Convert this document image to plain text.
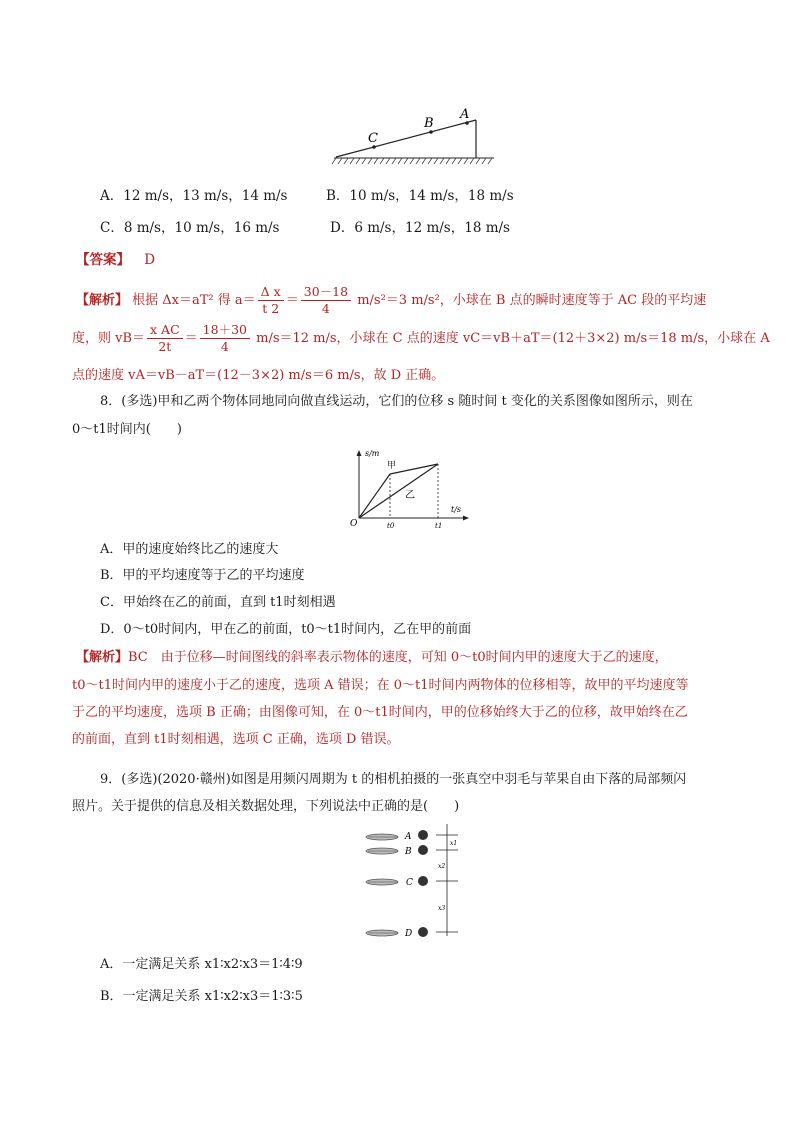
C
B
A
A．12 m/s，13 m/s，14 m/s	B．10 m/s，14 m/s，18 m/s
C．8 m/s，10 m/s，16 m/s	D．6 m/s，12 m/s，18 m/s
【答案】 D
【解析】 根据 Δx＝aT² 得 $a= \frac{\text{Δ x}}{t 2} = \frac{30-18}{4} m/s^2=3$ m/s²，小球在 B 点的瞬时速度等于 AC 段的平均速
度，则 $vB= \frac{\text{x AC}}{2t} = \frac{18+30}{4} m/s=12$ m/s，小球在 C 点的速度 vC＝vB＋aT＝(12＋3×2) m/s＝18 m/s，小球在 A
点的速度 vA＝vB－aT＝(12－3×2) m/s＝6 m/s，故 D 正确。
8．(多选)甲和乙两个物体同地同向做直线运动，它们的位移 s 随时间 t 变化的关系图像如图所示，则在
0～t1时间内(　　)
s/m
t/s
O
甲
乙
t0	t1
A．甲的速度始终比乙的速度大
B．甲的平均速度等于乙的平均速度
C．甲始终在乙的前面，直到 t1时刻相遇
D．0～t0时间内，甲在乙的前面，t0～t1时间内，乙在甲的前面
【解析】BC　由于位移—时间图线的斜率表示物体的速度，可知 0～t0时间内甲的速度大于乙的速度，
t0～t1时间内甲的速度小于乙的速度，选项 A 错误；在 0～t1时间内两物体的位移相等，故甲的平均速度等
于乙的平均速度，选项 B 正确；由图像可知，在 0～t1时间内，甲的位移始终大于乙的位移，故甲始终在乙
的前面，直到 t1时刻相遇，选项 C 正确，选项 D 错误。
9．(多选)(2020·赣州)如图是用频闪周期为 t 的相机拍摄的一张真空中羽毛与苹果自由下落的局部频闪
照片。关于提供的信息及相关数据处理，下列说法中正确的是(　　)
A
B
C
D
x1
x2
x3
A．一定满足关系 x1∶x2∶x3＝1∶4∶9
B．一定满足关系 x1∶x2∶x3＝1∶3∶5
